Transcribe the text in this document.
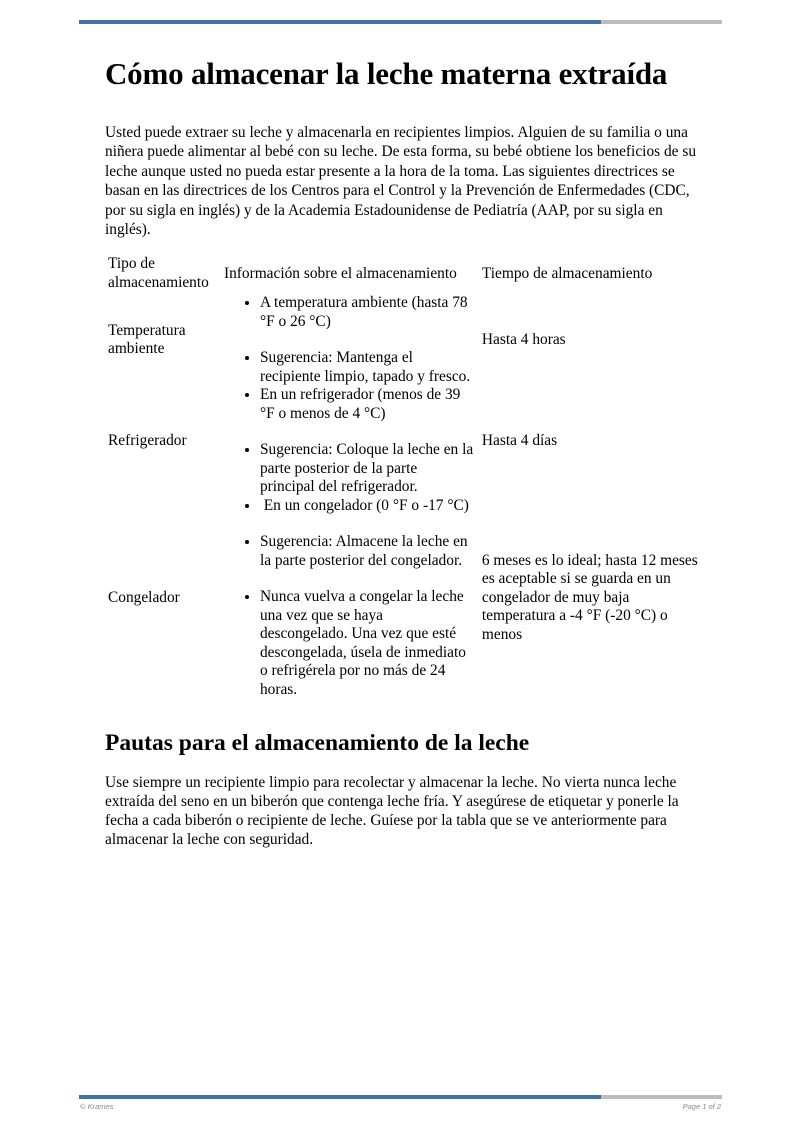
Cómo almacenar la leche materna extraída

Usted puede extraer su leche y almacenarla en recipientes limpios. Alguien de su familia o una niñera puede alimentar al bebé con su leche. De esta forma, su bebé obtiene los beneficios de su leche aunque usted no pueda estar presente a la hora de la toma. Las siguientes directrices se basan en las directrices de los Centros para el Control y la Prevención de Enfermedades (CDC, por su sigla en inglés) y de la Academia Estadounidense de Pediatría (AAP, por su sigla en inglés).

Tipo de almacenamiento	Información sobre el almacenamiento	Tiempo de almacenamiento
Temperatura ambiente	
• A temperatura ambiente (hasta 78 °F o 26 °C)
• Sugerencia: Mantenga el recipiente limpio, tapado y fresco.
	Hasta 4 horas
Refrigerador	
• En un refrigerador (menos de 39 °F o menos de 4 °C)
• Sugerencia: Coloque la leche en la parte posterior de la parte principal del refrigerador.
	Hasta 4 días
Congelador	
•  En un congelador (0 °F o -17 °C)
• Sugerencia: Almacene la leche en la parte posterior del congelador.
• Nunca vuelva a congelar la leche una vez que se haya descongelado. Una vez que esté descongelada, úsela de inmediato o refrigérela por no más de 24 horas.
	6 meses es lo ideal; hasta 12 meses es aceptable si se guarda en un congelador de muy baja temperatura a -4 °F (-20 °C) o menos
Pautas para el almacenamiento de la leche

Use siempre un recipiente limpio para recolectar y almacenar la leche. No vierta nunca leche extraída del seno en un biberón que contenga leche fría. Y asegúrese de etiquetar y ponerle la fecha a cada biberón o recipiente de leche. Guíese por la tabla que se ve anteriormente para almacenar la leche con seguridad.

© Krames	Page 1 of 2
